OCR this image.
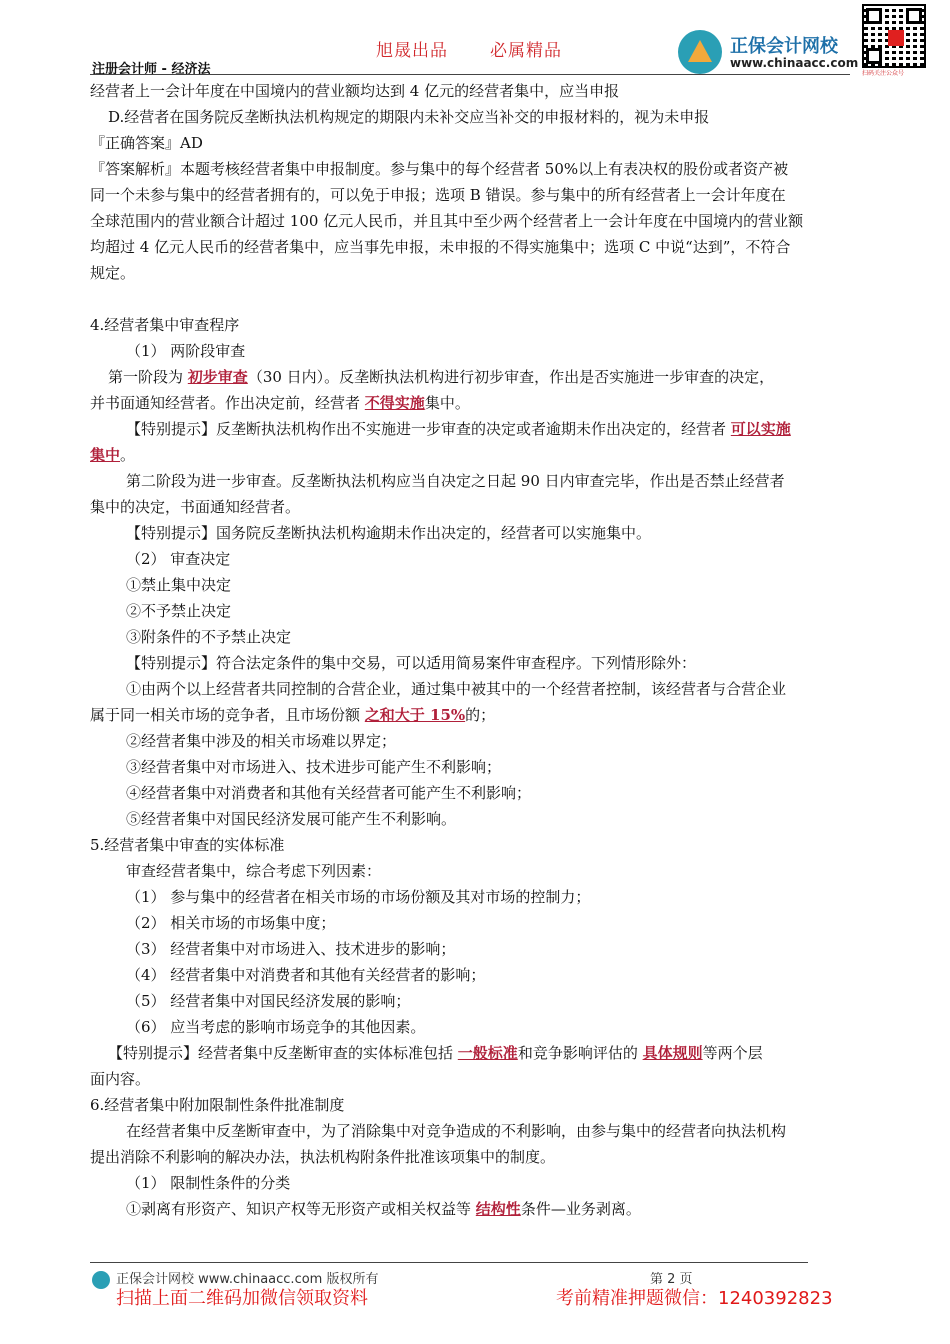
旭晟出品 必属精品
注册会计师 - 经济法
正保会计网校
www.chinaacc.com
扫码关注公众号

经营者上一会计年度在中国境内的营业额均达到 4 亿元的经营者集中，应当申报

D.经营者在国务院反垄断执法机构规定的期限内未补交应当补交的申报材料的，视为未申报

『正确答案』AD

『答案解析』本题考核经营者集中申报制度。参与集中的每个经营者 50%以上有表决权的股份或者资产被

同一个未参与集中的经营者拥有的，可以免于申报；选项 B 错误。参与集中的所有经营者上一会计年度在

全球范围内的营业额合计超过 100 亿元人民币，并且其中至少两个经营者上一会计年度在中国境内的营业额

均超过 4 亿元人民币的经营者集中，应当事先申报，未申报的不得实施集中；选项 C 中说“达到”，不符合

规定。

4.经营者集中审查程序

（1） 两阶段审查

第一阶段为 初步审查（30 日内）。反垄断执法机构进行初步审查，作出是否实施进一步审查的决定，

并书面通知经营者。作出决定前，经营者 不得实施集中。

【特别提示】反垄断执法机构作出不实施进一步审查的决定或者逾期未作出决定的，经营者 可以实施

集中。

第二阶段为进一步审查。反垄断执法机构应当自决定之日起 90 日内审查完毕，作出是否禁止经营者

集中的决定，书面通知经营者。

【特别提示】国务院反垄断执法机构逾期未作出决定的，经营者可以实施集中。

（2） 审查决定

①禁止集中决定

②不予禁止决定

③附条件的不予禁止决定

【特别提示】符合法定条件的集中交易，可以适用简易案件审查程序。下列情形除外：

①由两个以上经营者共同控制的合营企业，通过集中被其中的一个经营者控制，该经营者与合营企业

属于同一相关市场的竞争者，且市场份额 之和大于 15%的；

②经营者集中涉及的相关市场难以界定；

③经营者集中对市场进入、技术进步可能产生不利影响；

④经营者集中对消费者和其他有关经营者可能产生不利影响；

⑤经营者集中对国民经济发展可能产生不利影响。

5.经营者集中审查的实体标准

审查经营者集中，综合考虑下列因素：

（1） 参与集中的经营者在相关市场的市场份额及其对市场的控制力；

（2） 相关市场的市场集中度；

（3） 经营者集中对市场进入、技术进步的影响；

（4） 经营者集中对消费者和其他有关经营者的影响；

（5） 经营者集中对国民经济发展的影响；

（6） 应当考虑的影响市场竞争的其他因素。

【特别提示】经营者集中反垄断审查的实体标准包括 一般标准和竞争影响评估的 具体规则等两个层

面内容。

6.经营者集中附加限制性条件批准制度

在经营者集中反垄断审查中，为了消除集中对竞争造成的不利影响，由参与集中的经营者向执法机构

提出消除不利影响的解决办法，执法机构附条件批准该项集中的制度。

（1） 限制性条件的分类

①剥离有形资产、知识产权等无形资产或相关权益等 结构性条件—业务剥离。

正保会计网校 www.chinaacc.com 版权所有	第 2 页
扫描上面二维码加微信领取资料	考前精准押题微信：1240392823
